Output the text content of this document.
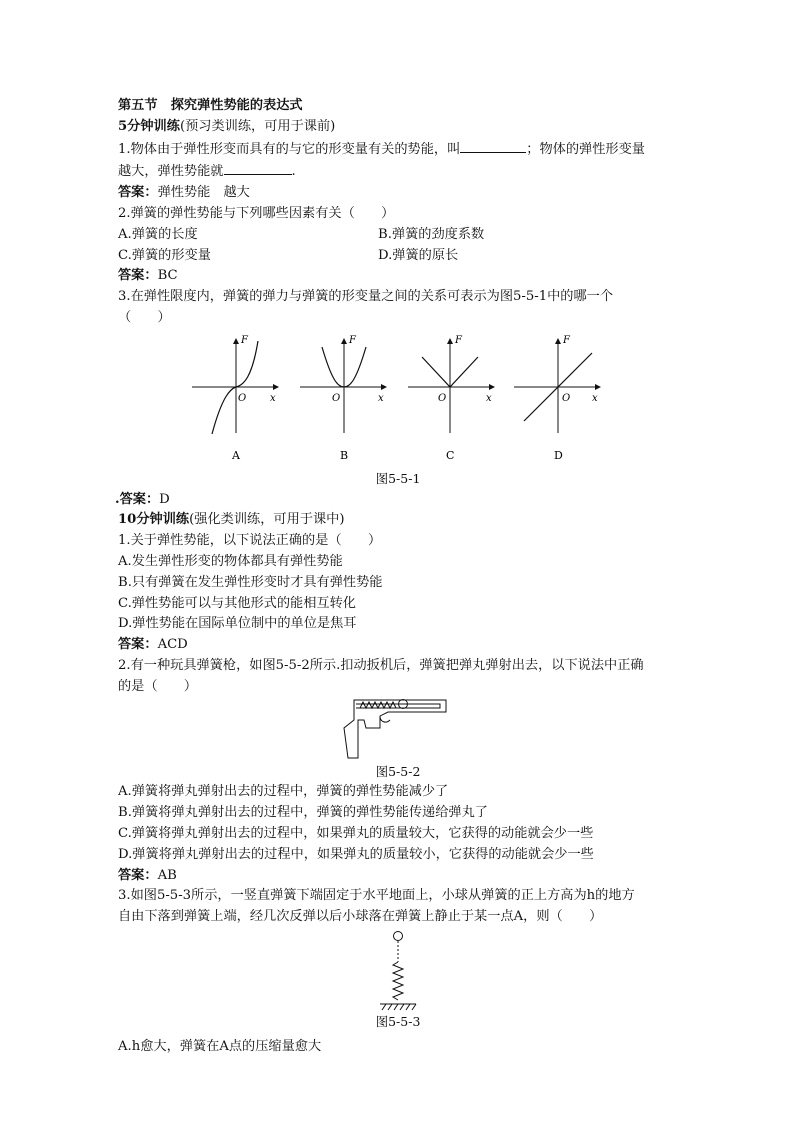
第五节　探究弹性势能的表达式
5分钟训练(预习类训练，可用于课前)
1.物体由于弹性形变而具有的与它的形变量有关的势能，叫	；物体的弹性形变量
越大，弹性势能就	.
答案：弹性势能　越大
2.弹簧的弹性势能与下列哪些因素有关（　　）
A.弹簧的长度	B.弹簧的劲度系数
C.弹簧的形变量	D.弹簧的原长
答案：BC
3.在弹性限度内，弹簧的弹力与弹簧的形变量之间的关系可表示为图5-5-1中的哪一个
（　　）
F
x
O
A
F
x
O
B
F
x
O
C
F
x
O
D
图5-5-1
.答案：D
10分钟训练(强化类训练，可用于课中)
1.关于弹性势能，以下说法正确的是（　　）
A.发生弹性形变的物体都具有弹性势能
B.只有弹簧在发生弹性形变时才具有弹性势能
C.弹性势能可以与其他形式的能相互转化
D.弹性势能在国际单位制中的单位是焦耳
答案：ACD
2.有一种玩具弹簧枪，如图5-5-2所示.扣动扳机后，弹簧把弹丸弹射出去，以下说法中正确
的是（　　）
图5-5-2
A.弹簧将弹丸弹射出去的过程中，弹簧的弹性势能减少了
B.弹簧将弹丸弹射出去的过程中，弹簧的弹性势能传递给弹丸了
C.弹簧将弹丸弹射出去的过程中，如果弹丸的质量较大，它获得的动能就会少一些
D.弹簧将弹丸弹射出去的过程中，如果弹丸的质量较小，它获得的动能就会少一些
答案：AB
3.如图5-5-3所示，一竖直弹簧下端固定于水平地面上，小球从弹簧的正上方高为h的地方
自由下落到弹簧上端，经几次反弹以后小球落在弹簧上静止于某一点A，则（　　）
图5-5-3
A.h愈大，弹簧在A点的压缩量愈大
